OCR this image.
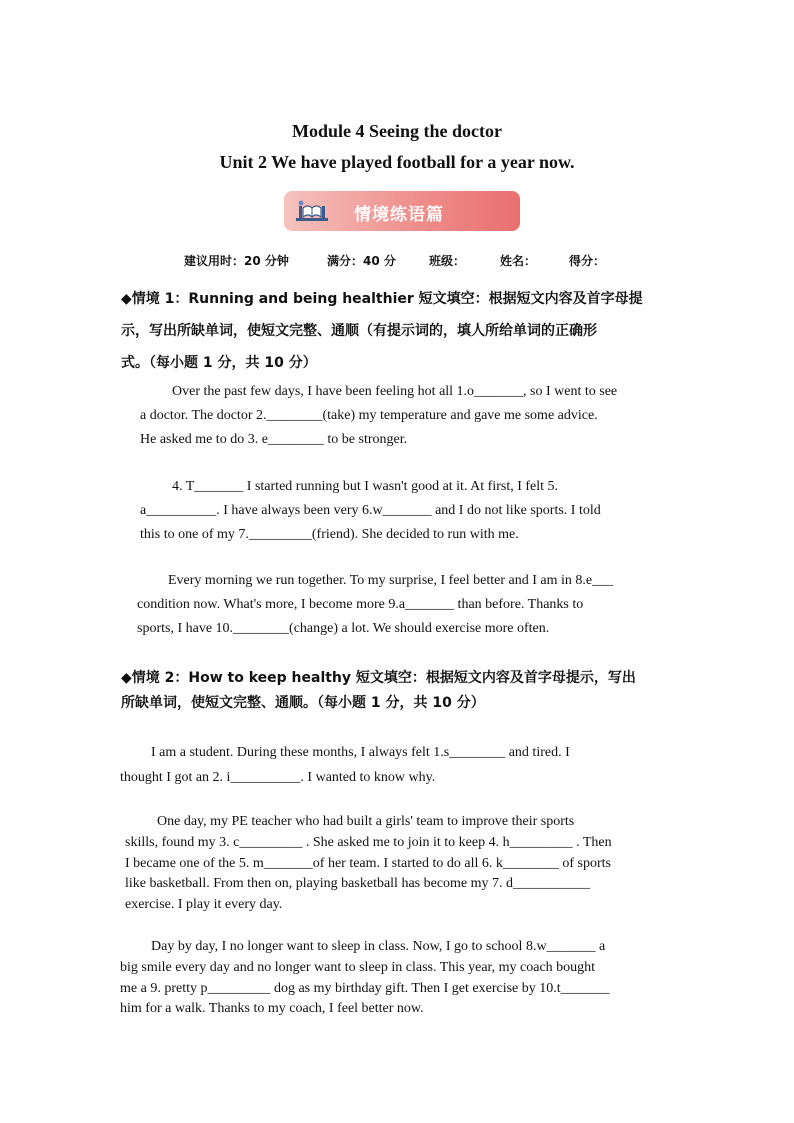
Module 4 Seeing the doctor
Unit 2 We have played football for a year now.
情境练语篇
建议用时：20 分钟	满分：40 分	班级：	姓名：	得分：
◆情境 1：Running and being healthier 短文填空：根据短文内容及首字母提
示，写出所缺单词，使短文完整、通顺（有提示词的，填人所给单词的正确形
式。（每小题 1 分，共 10 分）
Over the past few days, I have been feeling hot all 1.o_______, so I went to see
a doctor. The doctor 2.________(take) my temperature and gave me some advice.
He asked me to do 3. e________ to be stronger.
4. T_______ I started running but I wasn't good at it. At first, I felt 5.
a__________. I have always been very 6.w_______ and I do not like sports. I told
this to one of my 7._________(friend). She decided to run with me.
Every morning we run together. To my surprise, I feel better and I am in 8.e___
condition now. What's more, I become more 9.a_______ than before. Thanks to
sports, I have 10.________(change) a lot. We should exercise more often.
◆情境 2：How to keep healthy 短文填空：根据短文内容及首字母提示，写出
所缺单词，使短文完整、通顺。（每小题 1 分，共 10 分）
I am a student. During these months, I always felt 1.s________ and tired. I
thought I got an 2. i__________. I wanted to know why.
One day, my PE teacher who had built a girls' team to improve their sports
skills, found my 3. c_________ . She asked me to join it to keep 4. h_________ . Then
I became one of the 5. m_______of her team. I started to do all 6. k________ of sports
like basketball. From then on, playing basketball has become my 7. d___________
exercise. I play it every day.
Day by day, I no longer want to sleep in class. Now, I go to school 8.w_______ a
big smile every day and no longer want to sleep in class. This year, my coach bought
me a 9. pretty p_________ dog as my birthday gift. Then I get exercise by 10.t_______
him for a walk. Thanks to my coach, I feel better now.
